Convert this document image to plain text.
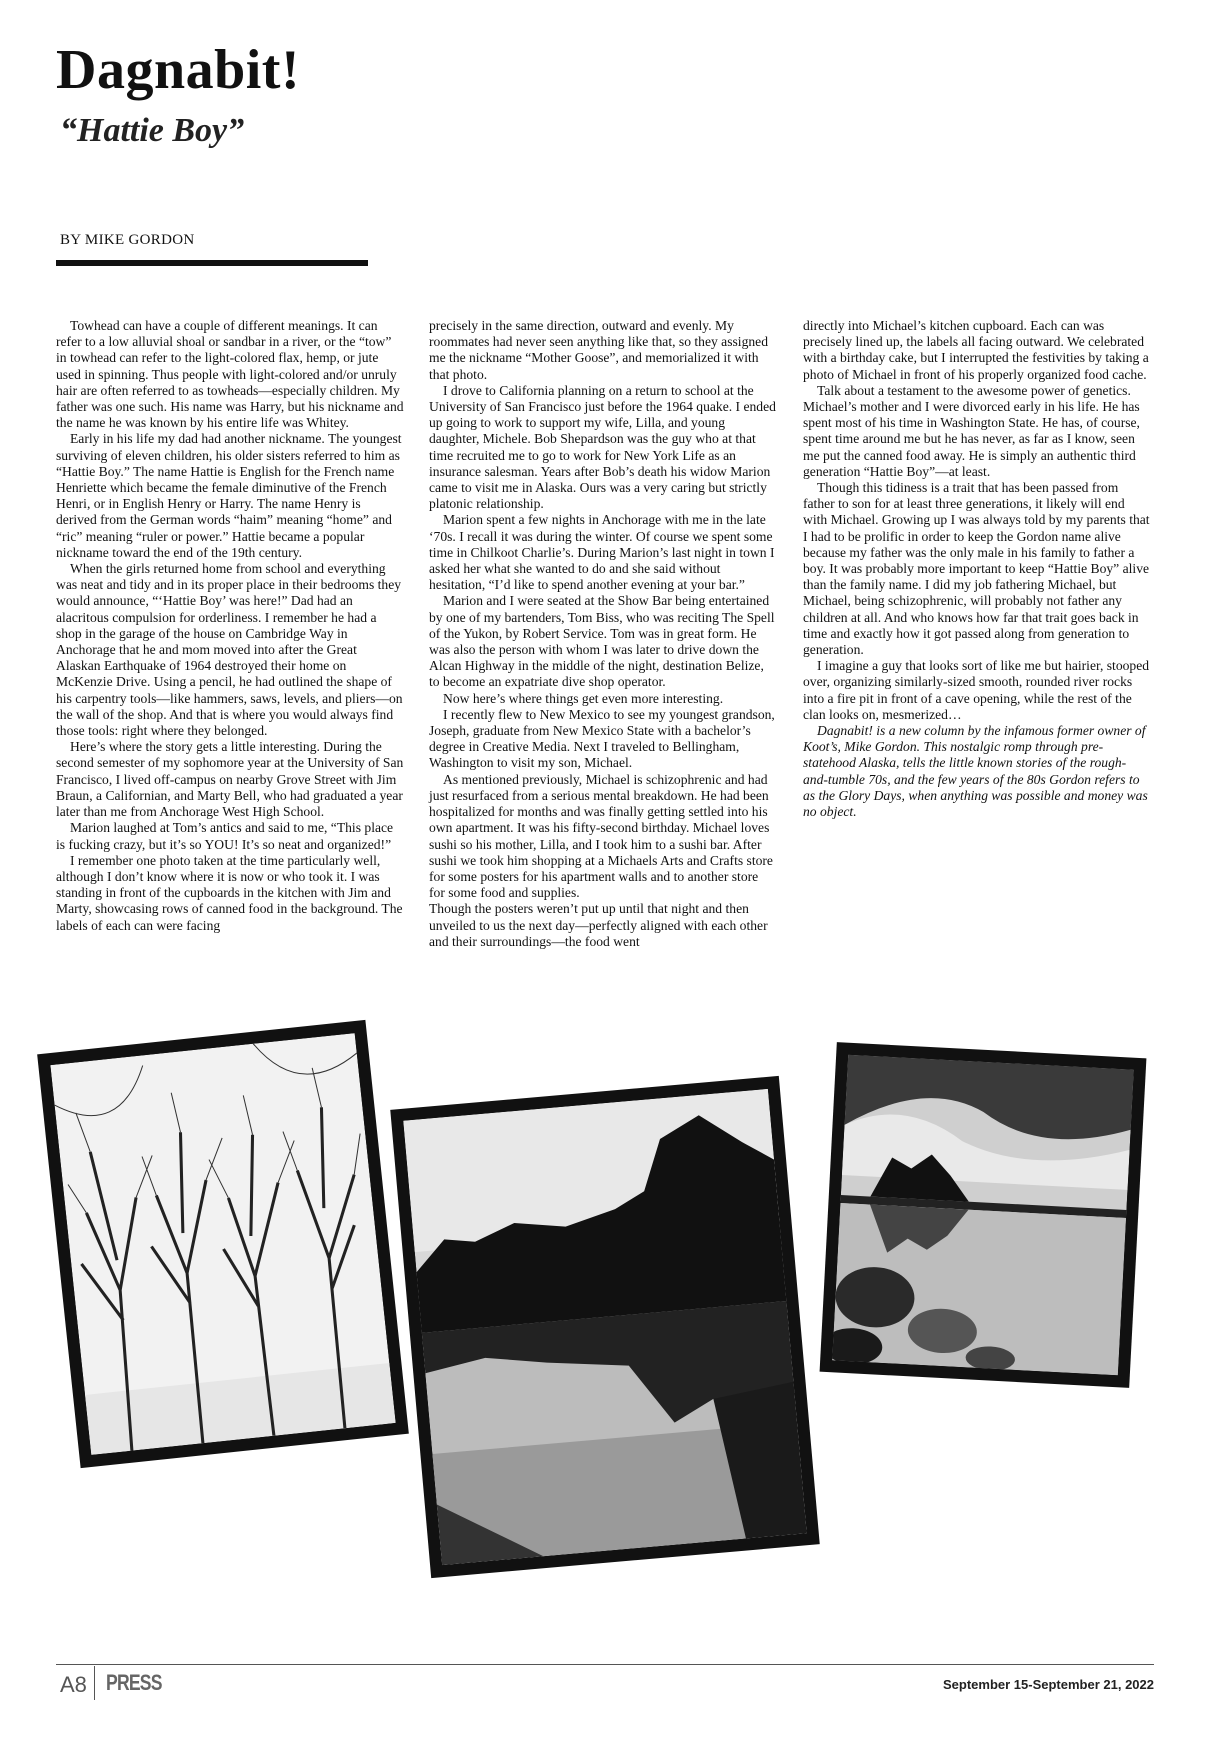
Dagnabit!
“Hattie Boy”

BY MIKE GORDON

Towhead can have a couple of different meanings. It can refer to a low alluvial shoal or sandbar in a river, or the “tow” in towhead can refer to the light-colored flax, hemp, or jute used in spinning. Thus people with light-colored and/or unruly hair are often referred to as towheads—especially children. My father was one such. His name was Harry, but his nickname and the name he was known by his entire life was Whitey.

Early in his life my dad had another nickname. The youngest surviving of eleven children, his older sisters referred to him as “Hattie Boy.” The name Hattie is English for the French name Henriette which became the female diminutive of the French Henri, or in English Henry or Harry. The name Henry is derived from the German words “haim” meaning “home” and “ric” meaning “ruler or power.” Hattie became a popular nickname toward the end of the 19th century.

When the girls returned home from school and everything was neat and tidy and in its proper place in their bedrooms they would announce, “‘Hattie Boy’ was here!” Dad had an alacritous compulsion for orderliness. I remember he had a shop in the garage of the house on Cambridge Way in Anchorage that he and mom moved into after the Great Alaskan Earthquake of 1964 destroyed their home on McKenzie Drive. Using a pencil, he had outlined the shape of his carpentry tools—like hammers, saws, levels, and pliers—on the wall of the shop. And that is where you would always find those tools: right where they belonged.

Here’s where the story gets a little interesting. During the second semester of my sophomore year at the University of San Francisco, I lived off-campus on nearby Grove Street with Jim Braun, a Californian, and Marty Bell, who had graduated a year later than me from Anchorage West High School.

Marion laughed at Tom’s antics and said to me, “This place is fucking crazy, but it’s so YOU! It’s so neat and organized!”

I remember one photo taken at the time particularly well, although I don’t know where it is now or who took it. I was standing in front of the cupboards in the kitchen with Jim and Marty, showcasing rows of canned food in the background. The labels of each can were facing

precisely in the same direction, outward and evenly. My roommates had never seen anything like that, so they assigned me the nickname “Mother Goose”, and memorialized it with that photo.

I drove to California planning on a return to school at the University of San Francisco just before the 1964 quake. I ended up going to work to support my wife, Lilla, and young daughter, Michele. Bob Shepardson was the guy who at that time recruited me to go to work for New York Life as an insurance salesman. Years after Bob’s death his widow Marion came to visit me in Alaska. Ours was a very caring but strictly platonic relationship.

Marion spent a few nights in Anchorage with me in the late ‘70s. I recall it was during the winter. Of course we spent some time in Chilkoot Charlie’s. During Marion’s last night in town I asked her what she wanted to do and she said without hesitation, “I’d like to spend another evening at your bar.”

Marion and I were seated at the Show Bar being entertained by one of my bartenders, Tom Biss, who was reciting The Spell of the Yukon, by Robert Service. Tom was in great form. He was also the person with whom I was later to drive down the Alcan Highway in the middle of the night, destination Belize, to become an expatriate dive shop operator.

Now here’s where things get even more interesting.

I recently flew to New Mexico to see my youngest grandson, Joseph, graduate from New Mexico State with a bachelor’s degree in Creative Media. Next I traveled to Bellingham, Washington to visit my son, Michael.

As mentioned previously, Michael is schizophrenic and had just resurfaced from a serious mental breakdown. He had been hospitalized for months and was finally getting settled into his own apartment. It was his fifty-second birthday. Michael loves sushi so his mother, Lilla, and I took him to a sushi bar. After sushi we took him shopping at a Michaels Arts and Crafts store for some posters for his apartment walls and to another store for some food and supplies.

Though the posters weren’t put up until that night and then unveiled to us the next day—perfectly aligned with each other and their surroundings—the food went

directly into Michael’s kitchen cupboard. Each can was precisely lined up, the labels all facing outward. We celebrated with a birthday cake, but I interrupted the festivities by taking a photo of Michael in front of his properly organized food cache.

Talk about a testament to the awesome power of genetics. Michael’s mother and I were divorced early in his life. He has spent most of his time in Washington State. He has, of course, spent time around me but he has never, as far as I know, seen me put the canned food away. He is simply an authentic third generation “Hattie Boy”—at least.

Though this tidiness is a trait that has been passed from father to son for at least three generations, it likely will end with Michael. Growing up I was always told by my parents that I had to be prolific in order to keep the Gordon name alive because my father was the only male in his family to father a boy. It was probably more important to keep “Hattie Boy” alive than the family name. I did my job fathering Michael, but Michael, being schizophrenic, will probably not father any children at all. And who knows how far that trait goes back in time and exactly how it got passed along from generation to generation.

I imagine a guy that looks sort of like me but hairier, stooped over, organizing similarly-sized smooth, rounded river rocks into a fire pit in front of a cave opening, while the rest of the clan looks on, mesmerized…

Dagnabit! is a new column by the infamous former owner of Koot’s, Mike Gordon. This nostalgic romp through pre-statehood Alaska, tells the little known stories of the rough-and-tumble 70s, and the few years of the 80s Gordon refers to as the Glory Days, when anything was possible and money was no object.

A8 PRESS	September 15-September 21, 2022
